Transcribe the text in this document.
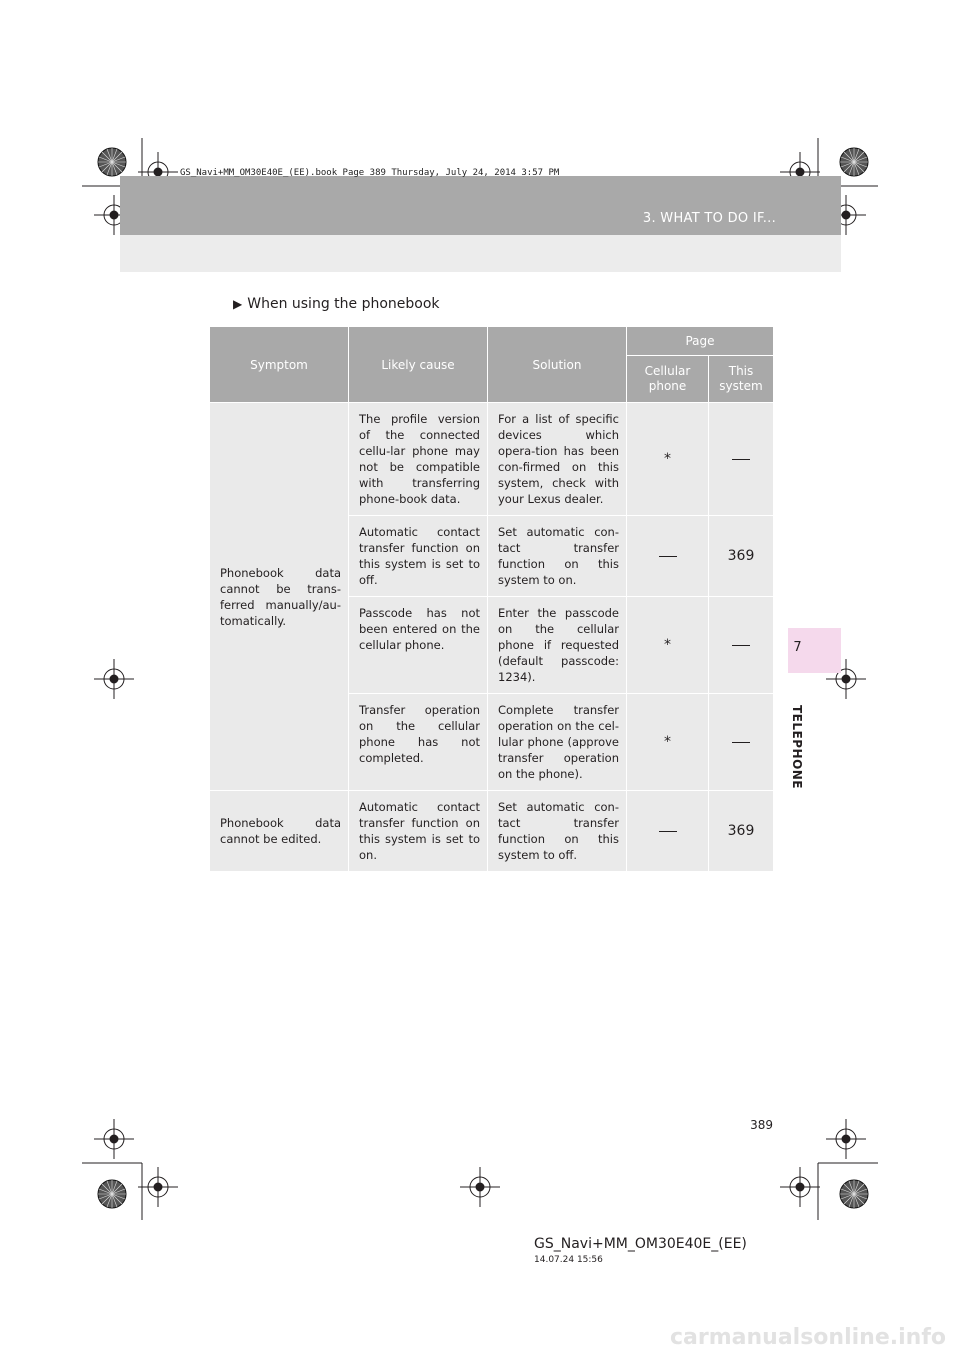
GS_Navi+MM_OM30E40E_(EE).book Page 389 Thursday, July 24, 2014 3:57 PM
3. WHAT TO DO IF...
7
TELEPHONE
▶ When using the phonebook
Symptom	Likely cause	Solution	Page	
			Cellular phone	This system
Phonebook data cannot be trans-ferred manually/au-tomatically.	The profile version of the connected cellu-lar phone may not be compatible with transferring phone-book data.	For a list of specific devices which opera-tion has been con-firmed on this system, check with your Lexus dealer.	*	
	Automatic contact transfer function on this system is set to off.	Set automatic con-tact transfer function on this system to on.		369
	Passcode has not been entered on the cellular phone.	Enter the passcode on the cellular phone if requested (default passcode: 1234).	*	
	Transfer operation on the cellular phone has not completed.	Complete transfer operation on the cel-lular phone (approve transfer operation on the phone).	*	
Phonebook data cannot be edited.	Automatic contact transfer function on this system is set to on.	Set automatic con-tact transfer function on this system to off.		369
389
GS_Navi+MM_OM30E40E_(EE)
14.07.24 15:56
carmanualsonline.info
